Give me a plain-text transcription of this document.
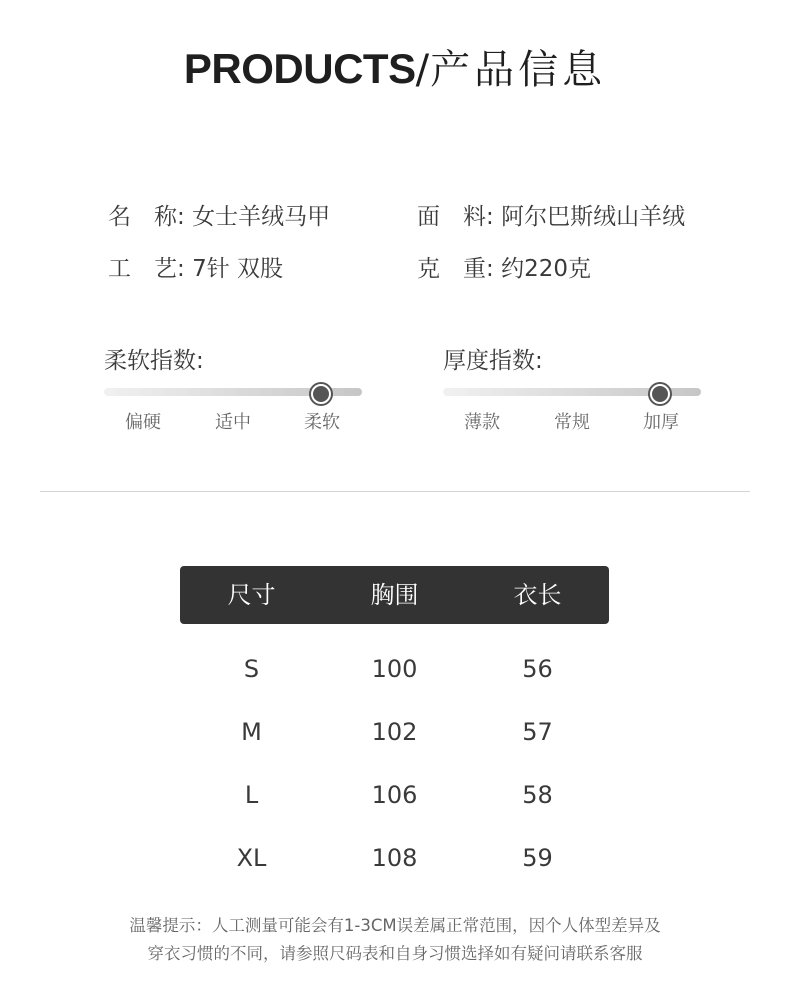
PRODUCTS/产品信息
名　称: 女士羊绒马甲	面　料: 阿尔巴斯绒山羊绒
工　艺: 7针 双股	克　重: 约220克
柔软指数:
偏硬	适中	柔软
厚度指数:
薄款	常规	加厚
尺寸	胸围	衣长
S	100	56
M	102	57
L	106	58
XL	108	59
温馨提示：人工测量可能会有1-3CM误差属正常范围，因个人体型差异及
穿衣习惯的不同，请参照尺码表和自身习惯选择如有疑问请联系客服
